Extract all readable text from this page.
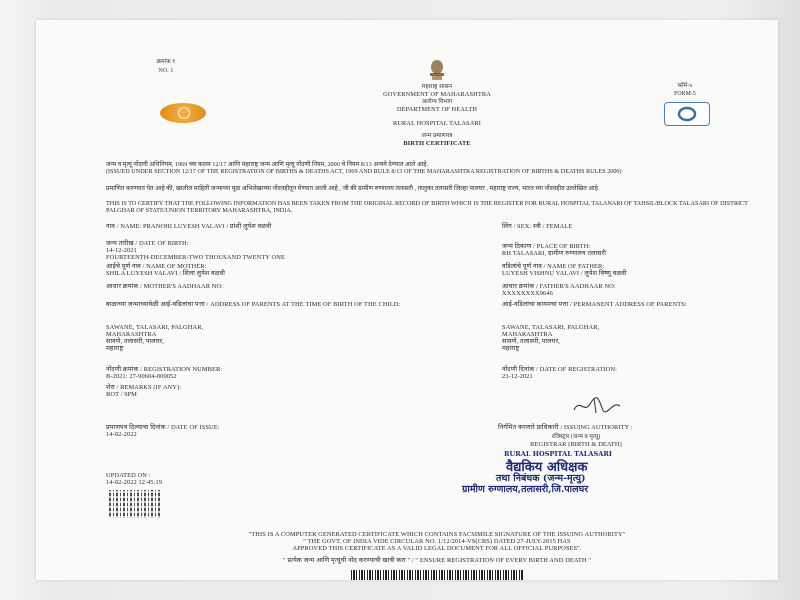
क्रमांक १
NO. 1
महाराष्ट्र शासन
GOVERNMENT OF MAHARASHTRA
आरोग्य विभाग
DEPARTMENT OF HEALTH
फॉर्म-५
FORM-5
RURAL HOSPITAL TALASARI
जन्म प्रमाणपत्र
BIRTH CERTIFICATE
जन्म व मृत्यू नोंदणी अधिनियम, 1969 च्या कलम 12/17 आणि महाराष्ट्र जन्म आणि मृत्यू नोंदणी नियम, 2000 चे नियम 8/13 अन्वये देण्यात आले आहे.
(ISSUED UNDER SECTION 12/17 OF THE REGISTRATION OF BIRTHS & DEATHS ACT, 1969 AND RULE 8/13 OF THE MAHARASHTRA REGISTRATION OF BIRTHS & DEATHS RULES 2000)
प्रमाणित करण्यात येत आहे की, खालील माहिती जन्माच्या मूळ अभिलेखाच्या नोंदवहीतून घेण्यात आली आहे , जी की ग्रामीण रुग्णालय तलासरी , तालुका तलासरी जिल्हा पालघर , महाराष्ट्र राज्य, भारत च्या नोंदवहीत उल्लेखित आहे.
THIS IS TO CERTIFY THAT THE FOLLOWING INFORMATION HAS BEEN TAKEN FROM THE ORIGINAL RECORD OF BIRTH WHICH IS THE REGISTER FOR RURAL HOSPITAL TALANARI OF TAHSIL/BLOCK TALASARI OF DISTRICT PALGHAR OF STATE/UNION TERRITORY MAHARASHTRA, INDIA.
नाव / NAME: PRANOHI LUYESH VALAVI / प्रांशी लुयेश वळवी
जन्म तारीख / DATE OF BIRTH:
14-12-2021
FOURTEENTH-DECEMBER-TWO THOUSAND TWENTY ONE
आईचे पूर्ण नाव / NAME OF MOTHER:
SHILA LUYESH VALAVI / शिला लुयेश वळवी
आधार क्रमांक / MOTHER'S AADHAAR NO:
बाळाच्या जन्माच्यावेळी आई-वडिलांचा पत्ता / ADDRESS OF PARENTS AT THE TIME OF BIRTH OF THE CHILD:
SAWANE, TALASARI, PALGHAR,
MAHARASHTRA
सावणे, तलासरी, पालघर,
महाराष्ट्र
नोंदणी क्रमांक / REGISTRATION NUMBER:
B-2021: 27-90604-000052
शेरा / REMARKS (IF ANY):
BOT / 9PM
प्रमाणपत्र दिल्याचा दिनांक / DATE OF ISSUE:
14-02-2022
UPDATED ON :
14-02-2022 12:45:19
लिंग / SEX: स्त्री / FEMALE
जन्म ठिकाण / PLACE OF BIRTH:
RH TALASARI, ग्रामीण रुग्णालय तलासरी
वडिलांचे पूर्ण नाव / NAME OF FATHER:
LUYESH VISHNU VALAVI / लुयेश विष्णू वळवी
आधार क्रमांक / FATHER'S AADHAAR NO:
XXXXXXXX9646
आई-वडिलांचा कायमचा पत्ता / PERMANENT ADDRESS OF PARENTS:
SAWANE, TALASARI, PALGHAR,
MAHARASHTRA
सावणे, तलासरी, पालघर,
महाराष्ट्र
नोंदणी दिनांक / DATE OF REGISTRATION:
23-12-2021
निर्गमित करणारे प्राधिकारी / ISSUING AUTHORITY :
रजिस्ट्रार (जन्म व मृत्यू)
REGISTRAR (BIRTH & DEATH)
RURAL HOSPITAL TALASARI
वैद्यकिय अधिक्षक
तथा निबंधक (जन्म-मृत्यु)
ग्रामीण रुग्णालय,तलासरी,जि.पालघर
"THIS IS A COMPUTER GENERATED CERTIFICATE WHICH CONTAINS FACSIMILE SIGNATURE OF THE ISSUING AUTHORITY"
" THE GOVT. OF INDIA VIDE CIRCULAR NO. 1/12/2014-VS(CRS) DATED 27-JULY-2015 HAS
APPROVED THIS CERTIFICATE AS A VALID LEGAL DOCUMENT FOR ALL OFFICIAL PURPOSES".
" प्रत्येक जन्म आणि मृत्यूची नोंद करण्याची खात्री करा " / " ENSURE REGISTRATION OF EVERY BIRTH AND DEATH "
